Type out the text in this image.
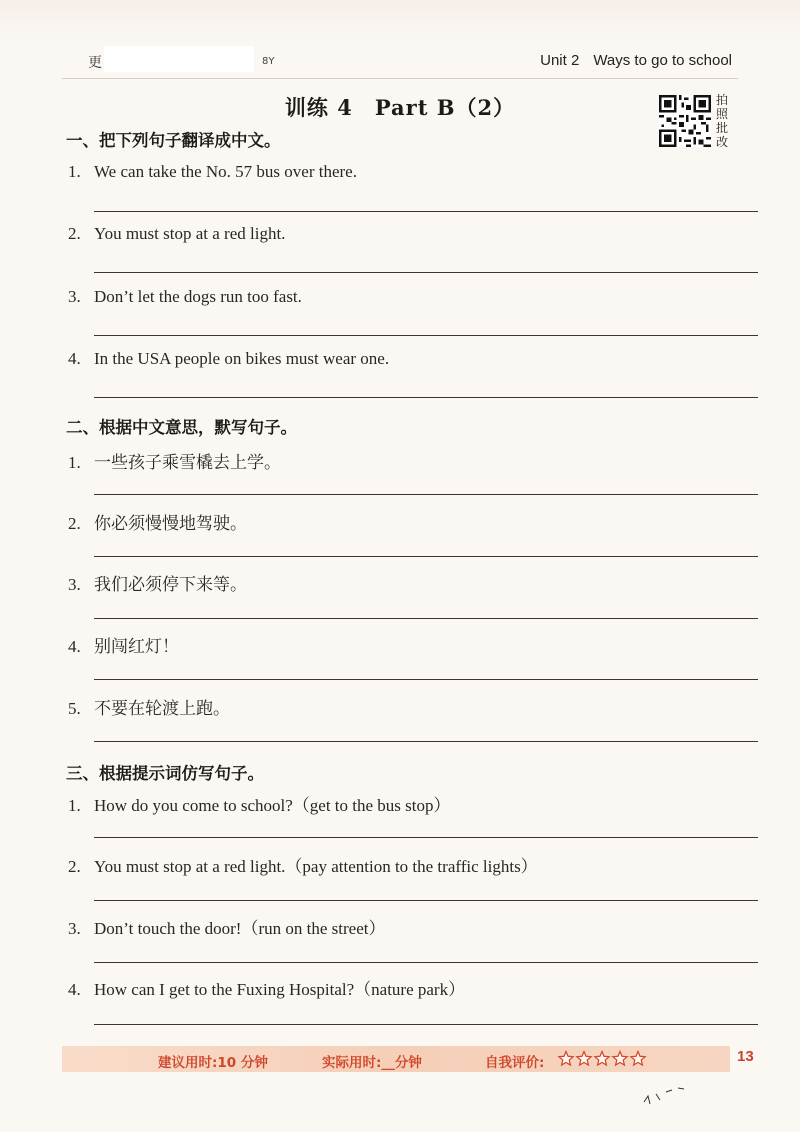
更	8Y	Unit 2 Ways to go to school
训练 4 Part B（2）	拍
照
批
改
一、把下列句子翻译成中文。
1. We can take the No. 57 bus over there.
2. You must stop at a red light.
3. Don’t let the dogs run too fast.
4. In the USA people on bikes must wear one.
二、根据中文意思，默写句子。
1. 一些孩子乘雪橇去上学。
2. 你必须慢慢地驾驶。
3. 我们必须停下来等。
4. 别闯红灯！
5. 不要在轮渡上跑。
三、根据提示词仿写句子。
1. How do you come to school?（get to the bus stop）
2. You must stop at a red light.（pay attention to the traffic lights）
3. Don’t touch the door!（run on the street）
4. How can I get to the Fuxing Hospital?（nature park）
建议用时:10 分钟	实际用时:__分钟	自我评价:	13
